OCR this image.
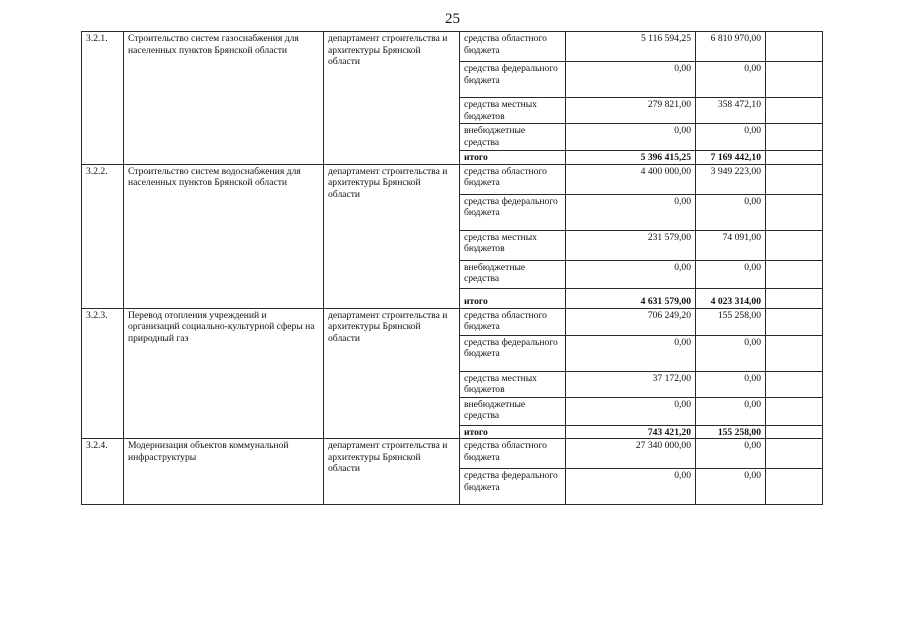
25
3.2.1.	Строительство систем газоснабжения для населенных пунктов Брянской области	департамент строительства и архитектуры Брянской области	средства областного бюджета	5 116 594,25	6 810 970,00	
			средства федерального бюджета	0,00	0,00	
			средства местных бюджетов	279 821,00	358 472,10	
			внебюджетные средства	0,00	0,00	
			итого	5 396 415,25	7 169 442,10	
3.2.2.	Строительство систем водоснабжения для населенных пунктов Брянской области	департамент строительства и архитектуры Брянской области	средства областного бюджета	4 400 000,00	3 949 223,00	
			средства федерального бюджета	0,00	0,00	
			средства местных бюджетов	231 579,00	74 091,00	
			внебюджетные средства	0,00	0,00	
			итого	4 631 579,00	4 023 314,00	
3.2.3.	Перевод отопления учреждений и организаций социально-культурной сферы на природный газ	департамент строительства и архитектуры Брянской области	средства областного бюджета	706 249,20	155 258,00	
			средства федерального бюджета	0,00	0,00	
			средства местных бюджетов	37 172,00	0,00	
			внебюджетные средства	0,00	0,00	
			итого	743 421,20	155 258,00	
3.2.4.	Модернизация объектов коммунальной инфраструктуры	департамент строительства и архитектуры Брянской области	средства областного бюджета	27 340 000,00	0,00	
			средства федерального бюджета	0,00	0,00	
